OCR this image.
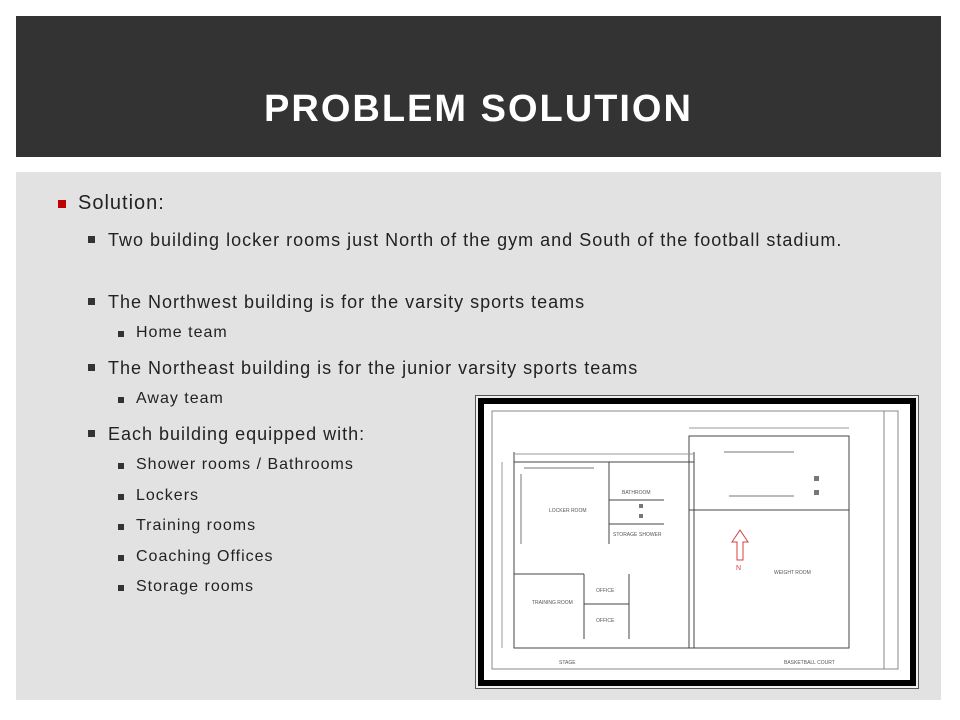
PROBLEM SOLUTION
Solution:
Two building locker rooms just North of the gym and South of the football stadium.
The Northwest building is for the varsity sports teams
Home team
The Northeast building is for the junior varsity sports teams
Away team
Each building equipped with:
Shower rooms / Bathrooms
Lockers
Training rooms
Coaching Offices
Storage rooms
N
LOCKER ROOM
BATHROOM
STORAGE SHOWER
TRAINING ROOM
OFFICE
OFFICE
WEIGHT ROOM
STAGE	BASKETBALL COURT
